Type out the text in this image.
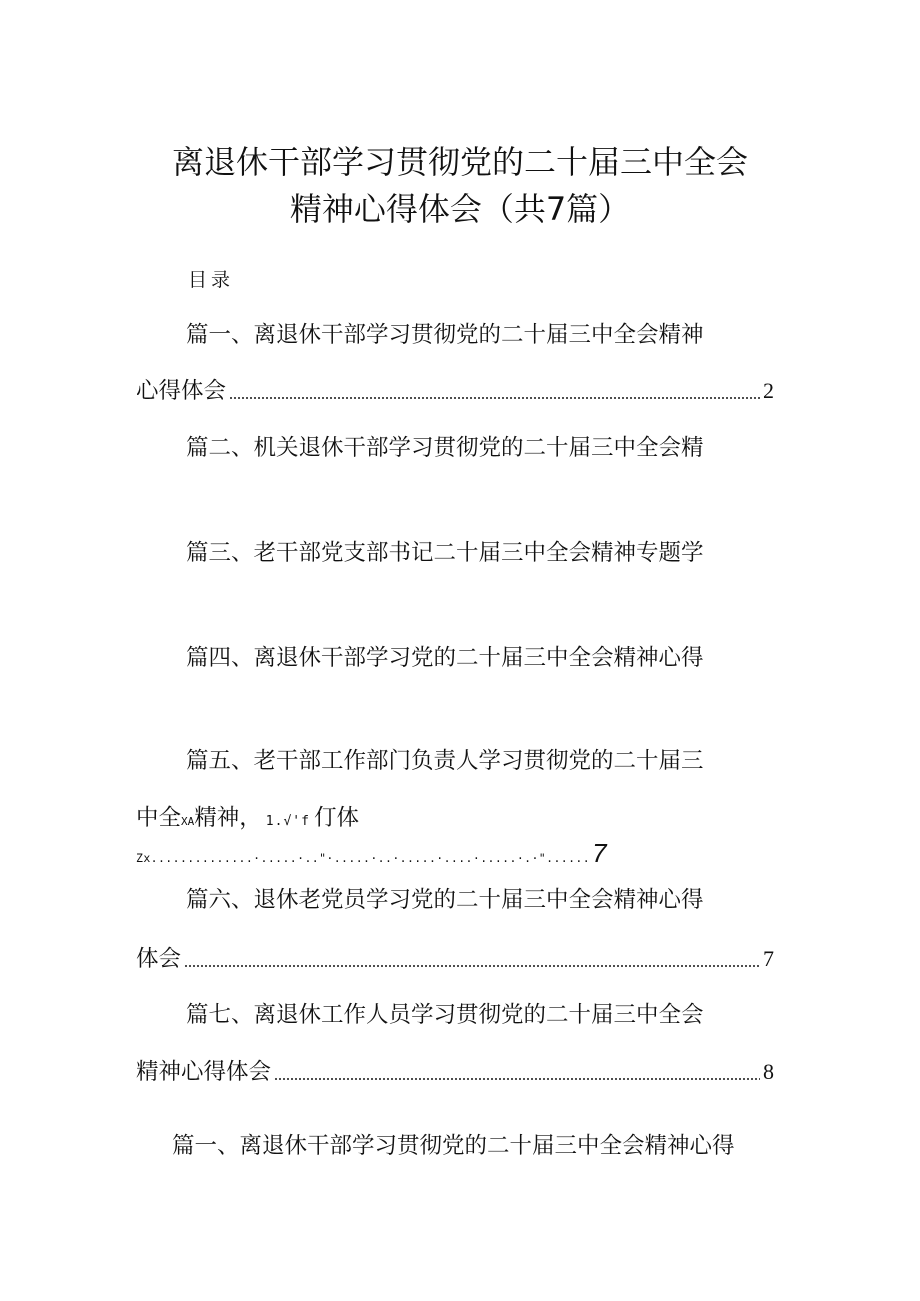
离退休干部学习贯彻党的二十届三中全会
精神心得体会（共7篇）
目录
篇一、离退休干部学习贯彻党的二十届三中全会精神
心得体会	2
篇二、机关退休干部学习贯彻党的二十届三中全会精
篇三、老干部党支部书记二十届三中全会精神专题学
篇四、离退休干部学习党的二十届三中全会精神心得
篇五、老干部工作部门负责人学习贯彻党的二十届三
中全XA精神， 1.√'f 仃体
Zx..............·.....·.."·.....·..·.....·....·.....·.·"...... 7
篇六、退休老党员学习党的二十届三中全会精神心得
体会	7
篇七、离退休工作人员学习贯彻党的二十届三中全会
精神心得体会	8
篇一、离退休干部学习贯彻党的二十届三中全会精神心得
